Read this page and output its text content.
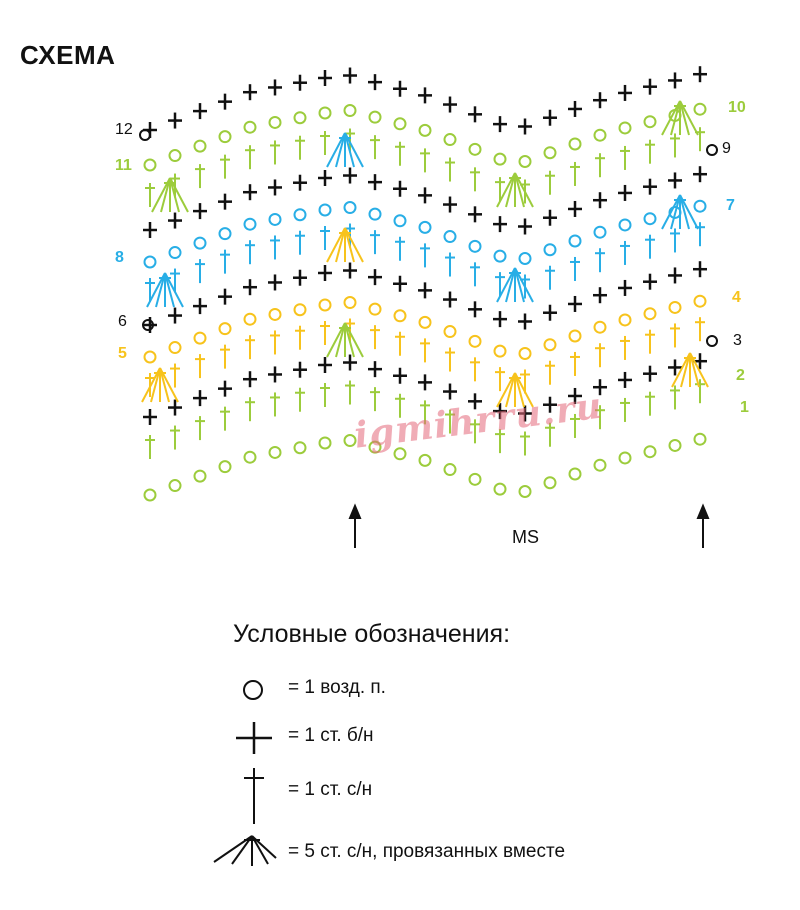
СХЕМА
1
2
3
4
5
6
7
8
9
10
11
12
igmihrru.ru
MS
Условные обозначения:
= 1 возд. п.
= 1 ст. б/н
= 1 ст. с/н
= 5 ст. с/н, провязанных вместе
